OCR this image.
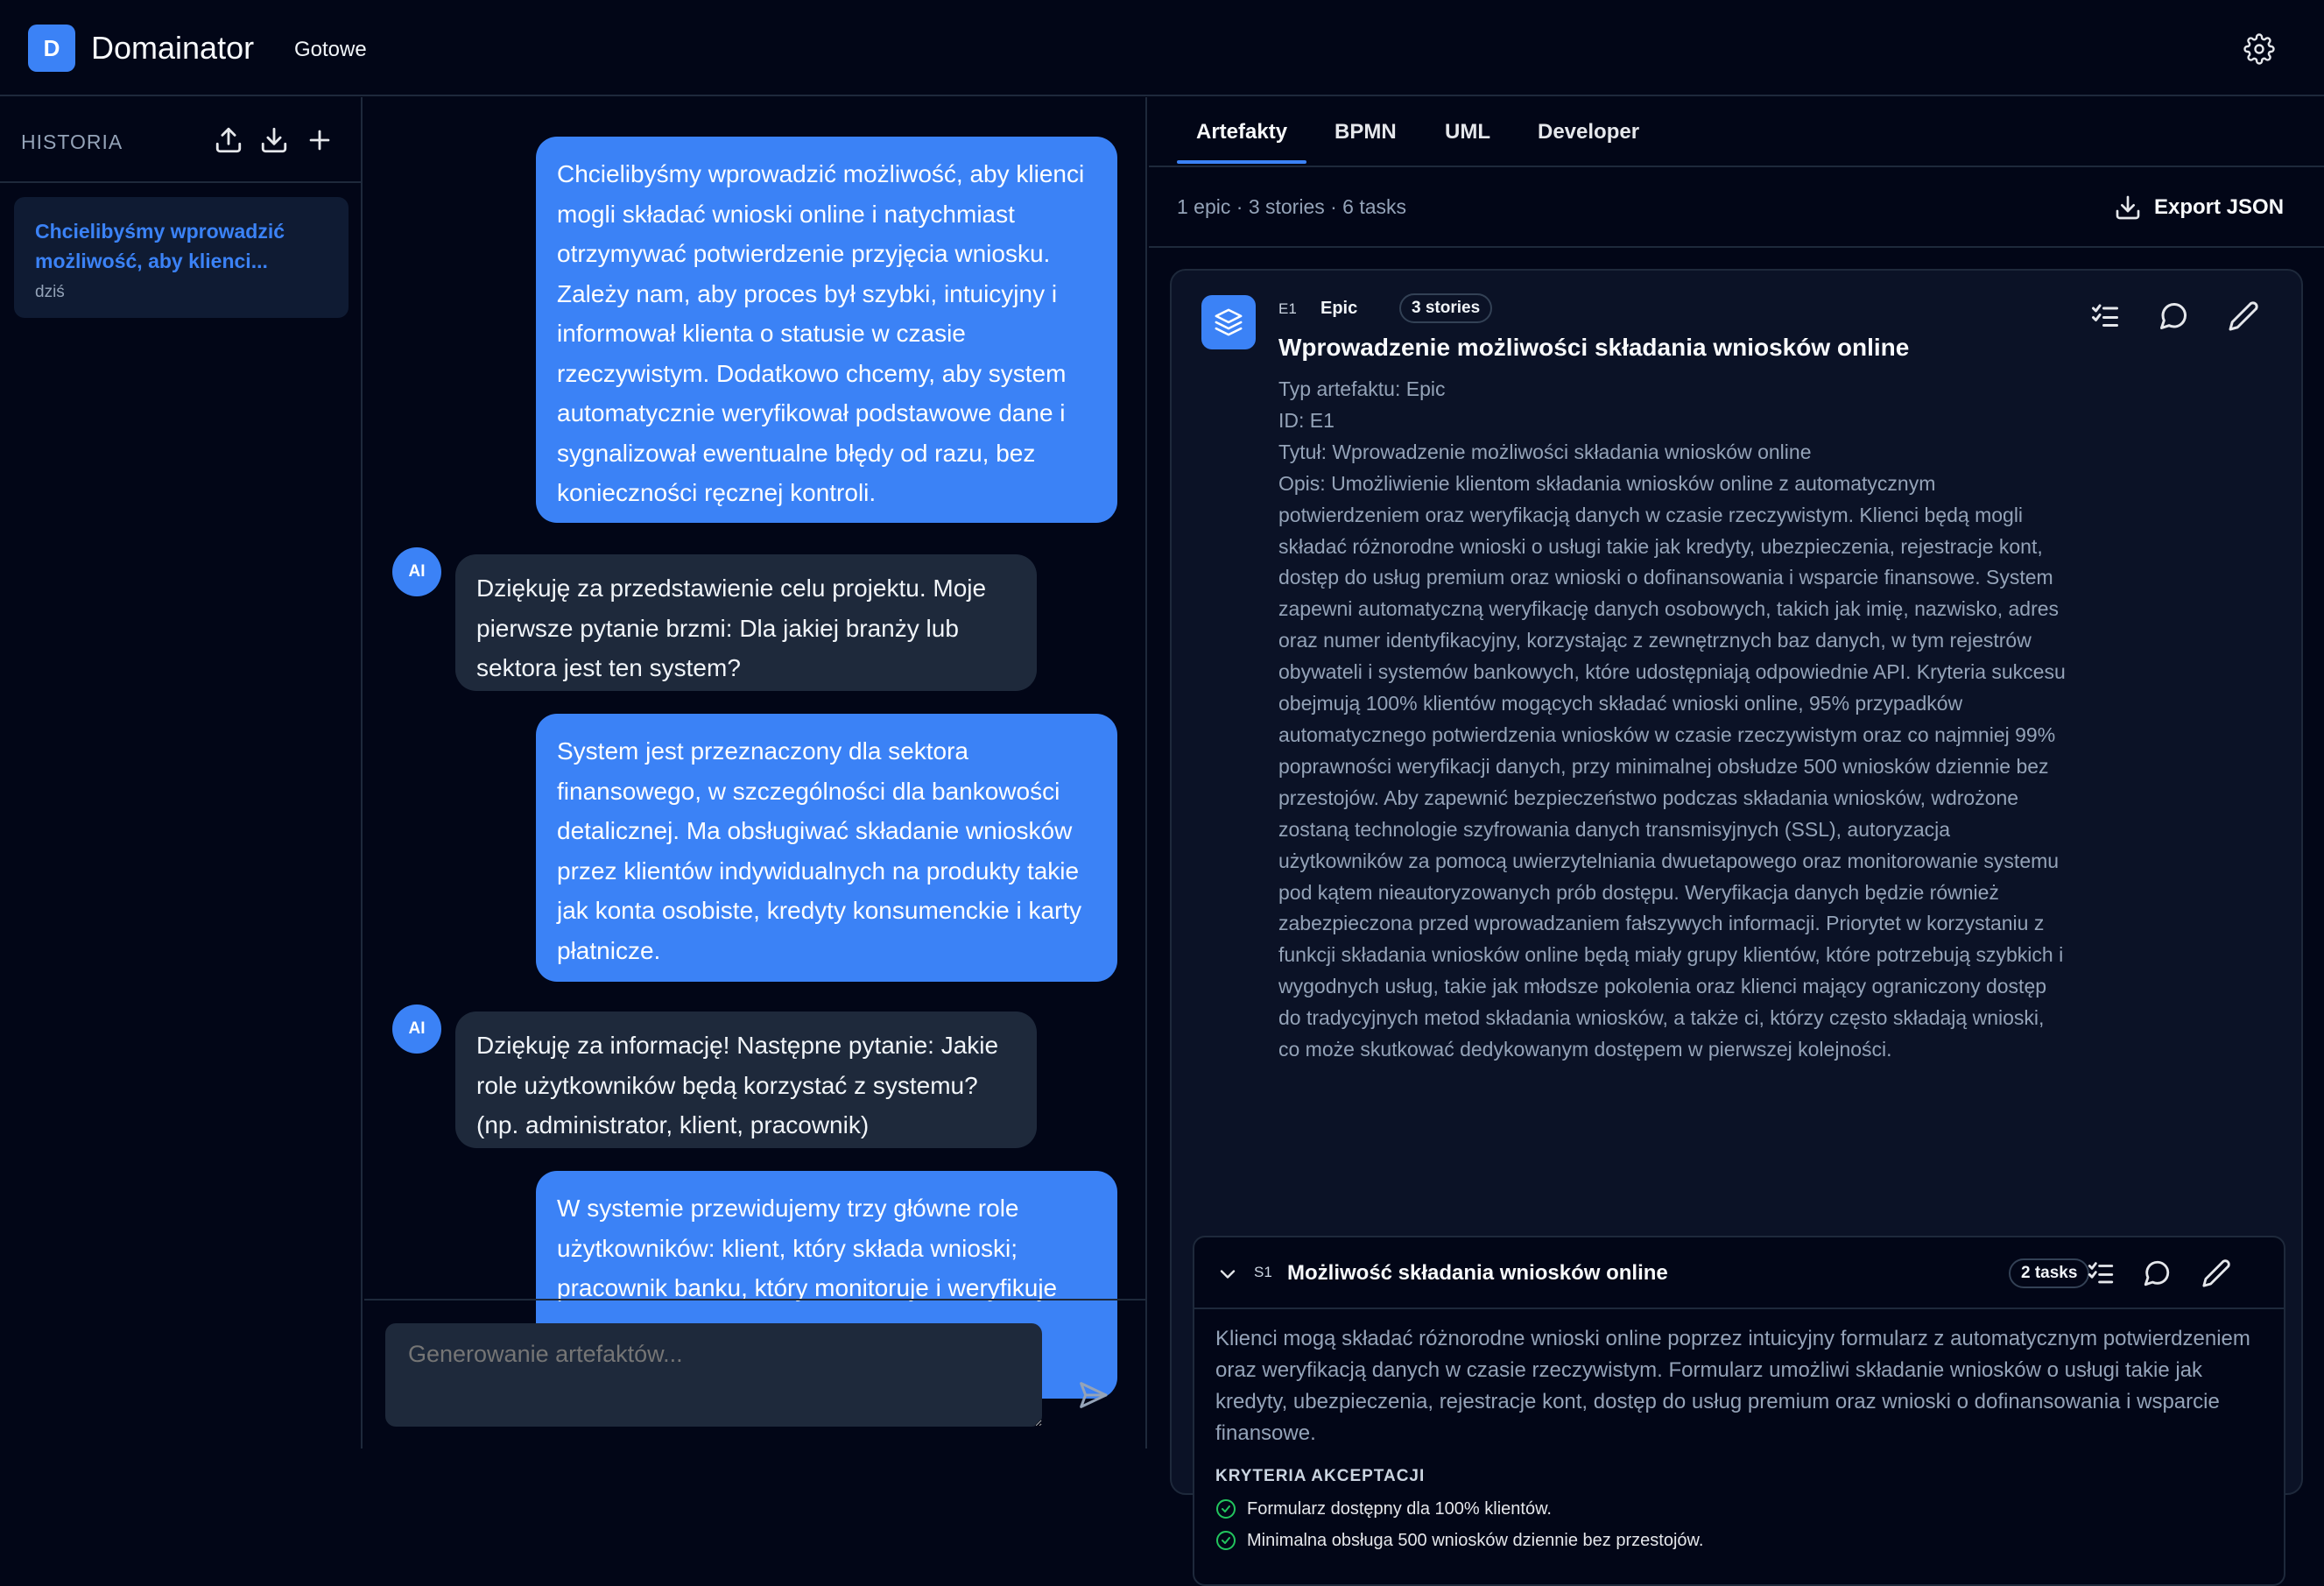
D Domainator Gotowe
HISTORIA
Chcielibyśmy wprowadzić
możliwość, aby klienci...
dziś
Chcielibyśmy wprowadzić możliwość, aby klienci mogli składać wnioski online i natychmiast otrzymywać potwierdzenie przyjęcia wniosku. Zależy nam, aby proces był szybki, intuicyjny i informował klienta o statusie w czasie rzeczywistym. Dodatkowo chcemy, aby system automatycznie weryfikował podstawowe dane i sygnalizował ewentualne błędy od razu, bez konieczności ręcznej kontroli.
AI
Dziękuję za przedstawienie celu projektu. Moje pierwsze pytanie brzmi: Dla jakiej branży lub sektora jest ten system?
System jest przeznaczony dla sektora finansowego, w szczególności dla bankowości detalicznej. Ma obsługiwać składanie wniosków przez klientów indywidualnych na produkty takie jak konta osobiste, kredyty konsumenckie i karty płatnicze.
AI
Dziękuję za informację! Następne pytanie: Jakie role użytkowników będą korzystać z systemu? (np. administrator, klient, pracownik)
W systemie przewidujemy trzy główne role użytkowników: klient, który składa wnioski; pracownik banku, który monitoruje i weryfikuje
Generowanie artefaktów...
Artefakty BPMN UML Developer
1 epic · 3 stories · 6 tasks	Export JSON
E1 Epic	3 stories
Wprowadzenie możliwości składania wniosków online
Typ artefaktu: Epic
ID: E1
Tytuł: Wprowadzenie możliwości składania wniosków online
Opis: Umożliwienie klientom składania wniosków online z automatycznym potwierdzeniem oraz weryfikacją danych w czasie rzeczywistym. Klienci będą mogli składać różnorodne wnioski o usługi takie jak kredyty, ubezpieczenia, rejestracje kont, dostęp do usług premium oraz wnioski o dofinansowania i wsparcie finansowe. System zapewni automatyczną weryfikację danych osobowych, takich jak imię, nazwisko, adres oraz numer identyfikacyjny, korzystając z zewnętrznych baz danych, w tym rejestrów obywateli i systemów bankowych, które udostępniają odpowiednie API. Kryteria sukcesu obejmują 100% klientów mogących składać wnioski online, 95% przypadków automatycznego potwierdzenia wniosków w czasie rzeczywistym oraz co najmniej 99% poprawności weryfikacji danych, przy minimalnej obsłudze 500 wniosków dziennie bez przestojów. Aby zapewnić bezpieczeństwo podczas składania wniosków, wdrożone zostaną technologie szyfrowania danych transmisyjnych (SSL), autoryzacja użytkowników za pomocą uwierzytelniania dwuetapowego oraz monitorowanie systemu pod kątem nieautoryzowanych prób dostępu. Weryfikacja danych będzie również zabezpieczona przed wprowadzaniem fałszywych informacji. Priorytet w korzystaniu z funkcji składania wniosków online będą miały grupy klientów, które potrzebują szybkich i wygodnych usług, takie jak młodsze pokolenia oraz klienci mający ograniczony dostęp do tradycyjnych metod składania wniosków, a także ci, którzy często składają wnioski, co może skutkować dedykowanym dostępem w pierwszej kolejności.
S1 Możliwość składania wniosków online	2 tasks
Klienci mogą składać różnorodne wnioski online poprzez intuicyjny formularz z automatycznym potwierdzeniem oraz weryfikacją danych w czasie rzeczywistym. Formularz umożliwi składanie wniosków o usługi takie jak kredyty, ubezpieczenia, rejestracje kont, dostęp do usług premium oraz wnioski o dofinansowania i wsparcie finansowe.
KRYTERIA AKCEPTACJI
Formularz dostępny dla 100% klientów.
Minimalna obsługa 500 wniosków dziennie bez przestojów.
